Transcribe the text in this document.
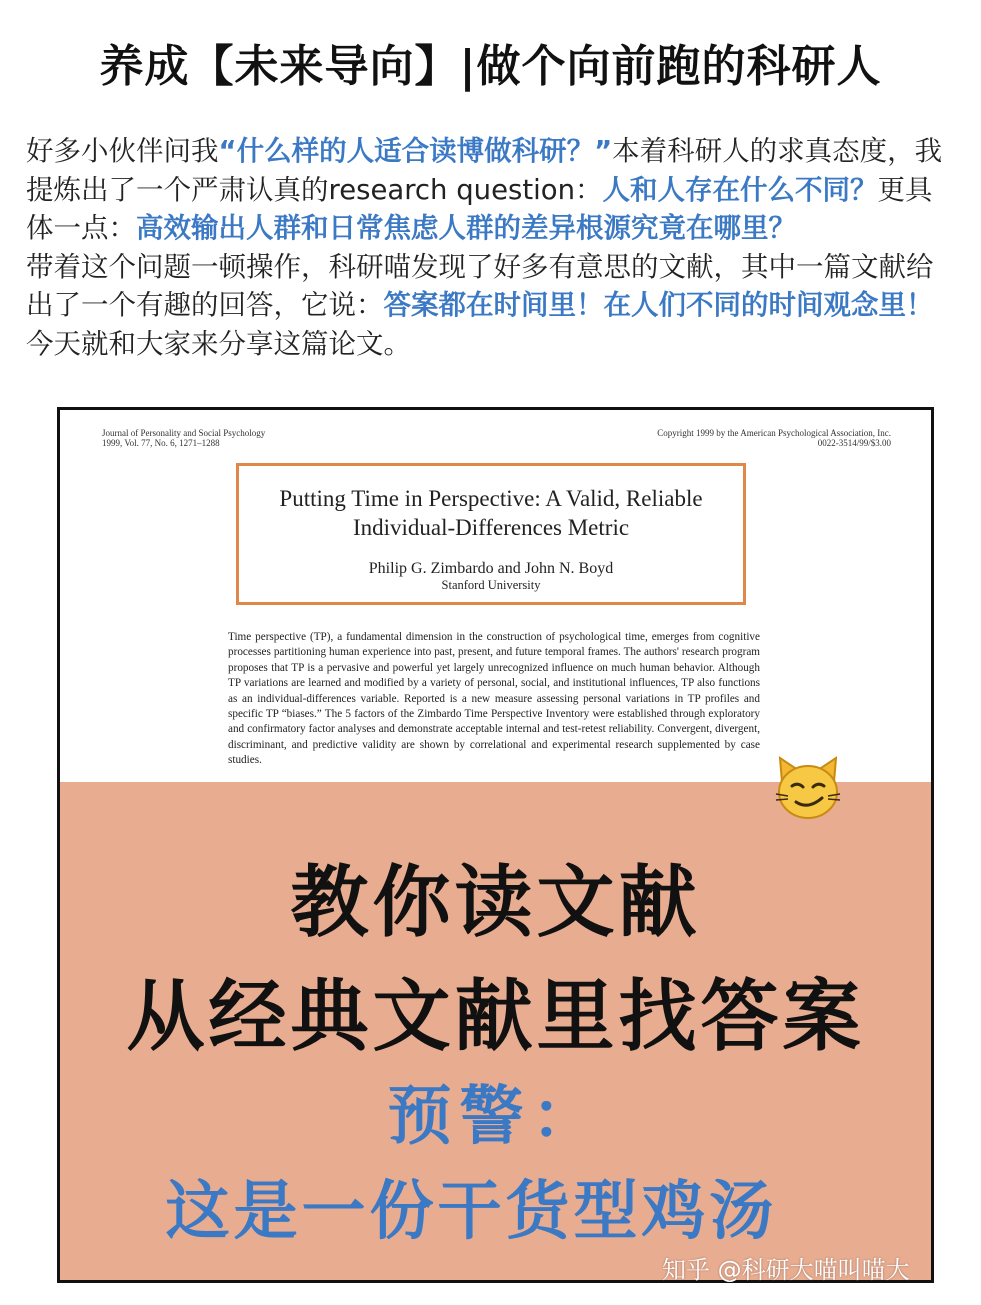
养成【未来导向】|做个向前跑的科研人

好多小伙伴问我“什么样的人适合读博做科研？”本着科研人的求真态度，我提炼出了一个严肃认真的research question：人和人存在什么不同？更具体一点：高效输出人群和日常焦虑人群的差异根源究竟在哪里？

带着这个问题一顿操作，科研喵发现了好多有意思的文献，其中一篇文献给出了一个有趣的回答，它说：答案都在时间里！在人们不同的时间观念里！今天就和大家来分享这篇论文。

Journal of Personality and Social Psychology
1999, Vol. 77, No. 6, 1271–1288
Copyright 1999 by the American Psychological Association, Inc.
0022-3514/99/$3.00
Putting Time in Perspective: A Valid, Reliable
Individual-Differences Metric
Philip G. Zimbardo and John N. Boyd
Stanford University
Time perspective (TP), a fundamental dimension in the construction of psychological time, emerges from cognitive processes partitioning human experience into past, present, and future temporal frames. The authors' research program proposes that TP is a pervasive and powerful yet largely unrecognized influence on much human behavior. Although TP variations are learned and modified by a variety of personal, social, and institutional influences, TP also functions as an individual-differences variable. Reported is a new measure assessing personal variations in TP profiles and specific TP “biases.” The 5 factors of the Zimbardo Time Perspective Inventory were established through exploratory and confirmatory factor analyses and demonstrate acceptable internal and test-retest reliability. Convergent, divergent, discriminant, and predictive validity are shown by correlational and experimental research supplemented by case studies.
教你读文献
从经典文献里找答案
预警：
这是一份干货型鸡汤
知乎 @科研大喵叫喵大
